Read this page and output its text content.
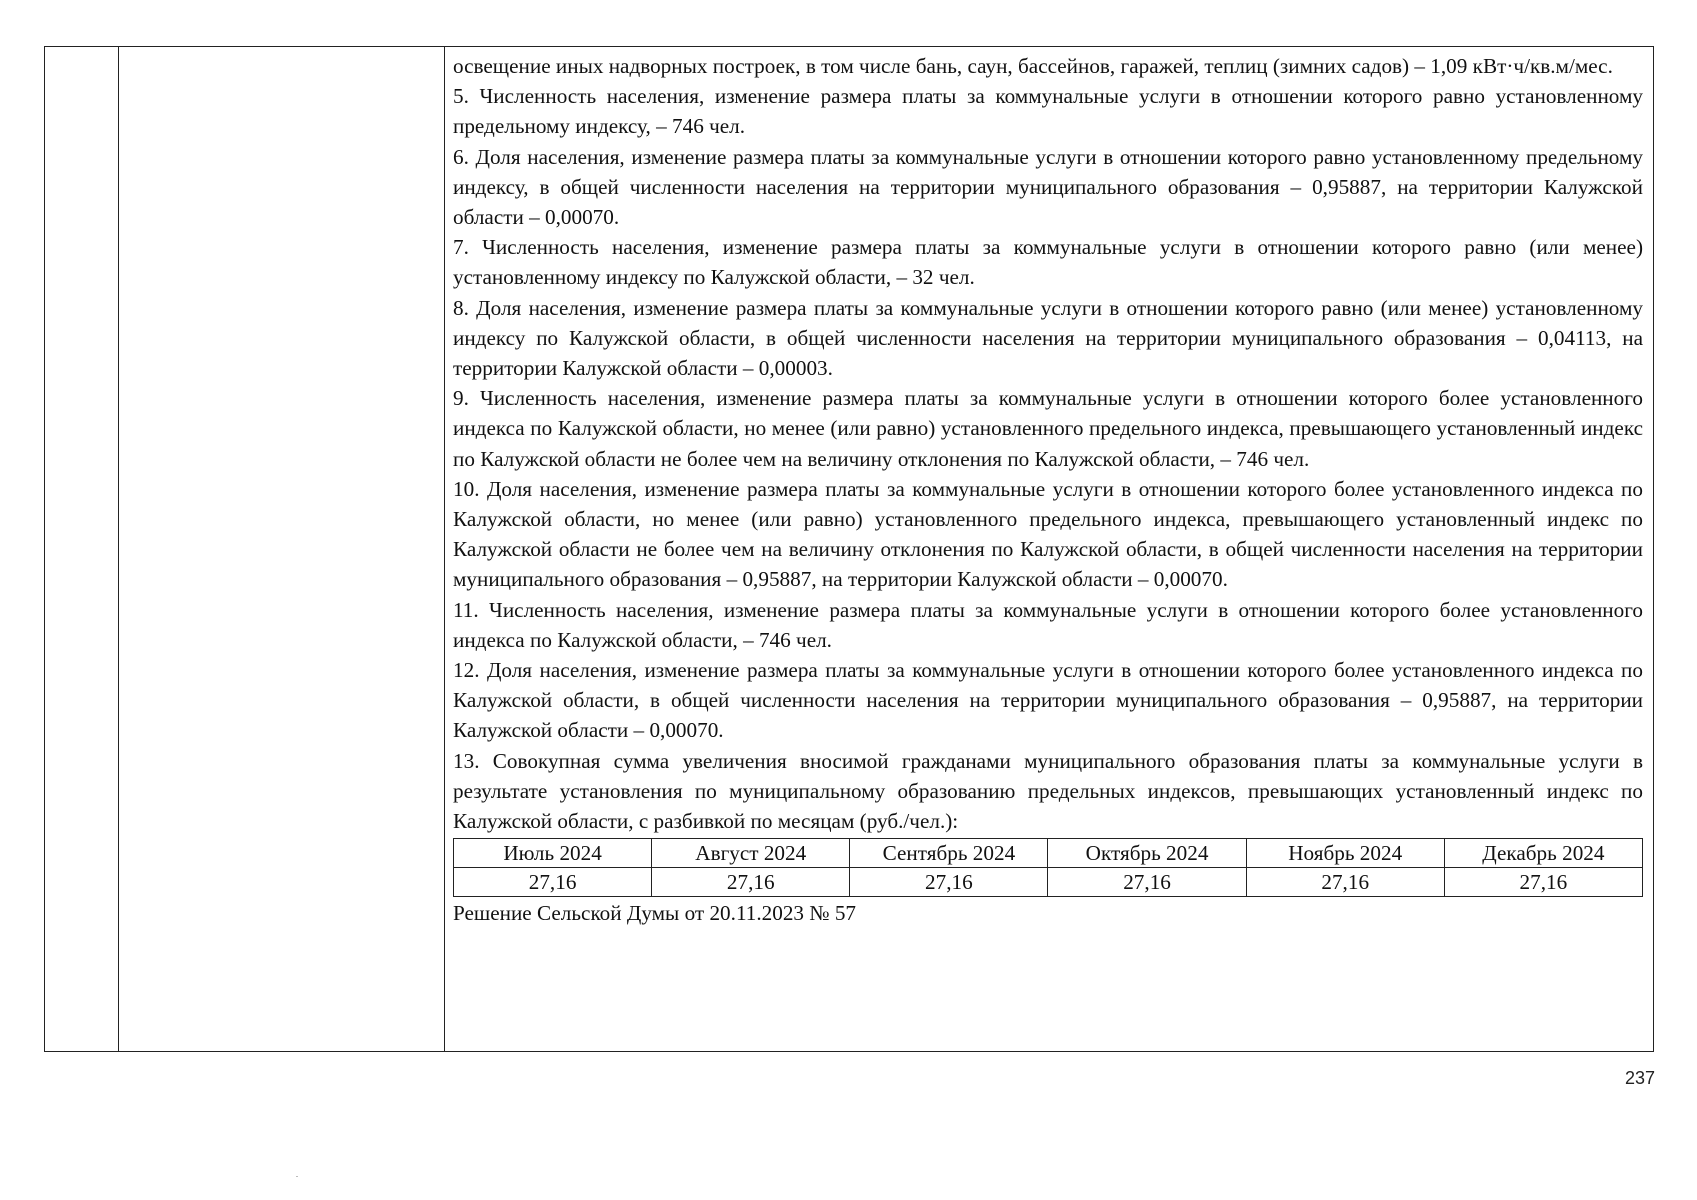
освещение иных надворных построек, в том числе бань, саун, бассейнов, гаражей, теплиц (зимних садов) – 1,09 кВт·ч/кв.м/мес.

5. Численность населения, изменение размера платы за коммунальные услуги в отношении которого равно установленному предельному индексу, – 746 чел.

6. Доля населения, изменение размера платы за коммунальные услуги в отношении которого равно установленному предельному индексу, в общей численности населения на территории муниципального образования – 0,95887, на территории Калужской области – 0,00070.

7. Численность населения, изменение размера платы за коммунальные услуги в отношении которого равно (или менее) установленному индексу по Калужской области, – 32 чел.

8. Доля населения, изменение размера платы за коммунальные услуги в отношении которого равно (или менее) установленному индексу по Калужской области, в общей численности населения на территории муниципального образования – 0,04113, на территории Калужской области – 0,00003.

9. Численность населения, изменение размера платы за коммунальные услуги в отношении которого более установленного индекса по Калужской области, но менее (или равно) установленного предельного индекса, превышающего установленный индекс по Калужской области не более чем на величину отклонения по Калужской области, – 746 чел.

10. Доля населения, изменение размера платы за коммунальные услуги в отношении которого более установленного индекса по Калужской области, но менее (или равно) установленного предельного индекса, превышающего установленный индекс по Калужской области не более чем на величину отклонения по Калужской области, в общей численности населения на территории муниципального образования – 0,95887, на территории Калужской области – 0,00070.

11. Численность населения, изменение размера платы за коммунальные услуги в отношении которого более установленного индекса по Калужской области, – 746 чел.

12. Доля населения, изменение размера платы за коммунальные услуги в отношении которого более установленного индекса по Калужской области, в общей численности населения на территории муниципального образования – 0,95887, на территории Калужской области – 0,00070.

13. Совокупная сумма увеличения вносимой гражданами муниципального образования платы за коммунальные услуги в результате установления по муниципальному образованию предельных индексов, превышающих установленный индекс по Калужской области, с разбивкой по месяцам (руб./чел.):

Июль 2024	Август 2024	Сентябрь 2024	Октябрь 2024	Ноябрь 2024	Декабрь 2024
27,16	27,16	27,16	27,16	27,16	27,16
Решение Сельской Думы от 20.11.2023 № 57
237
